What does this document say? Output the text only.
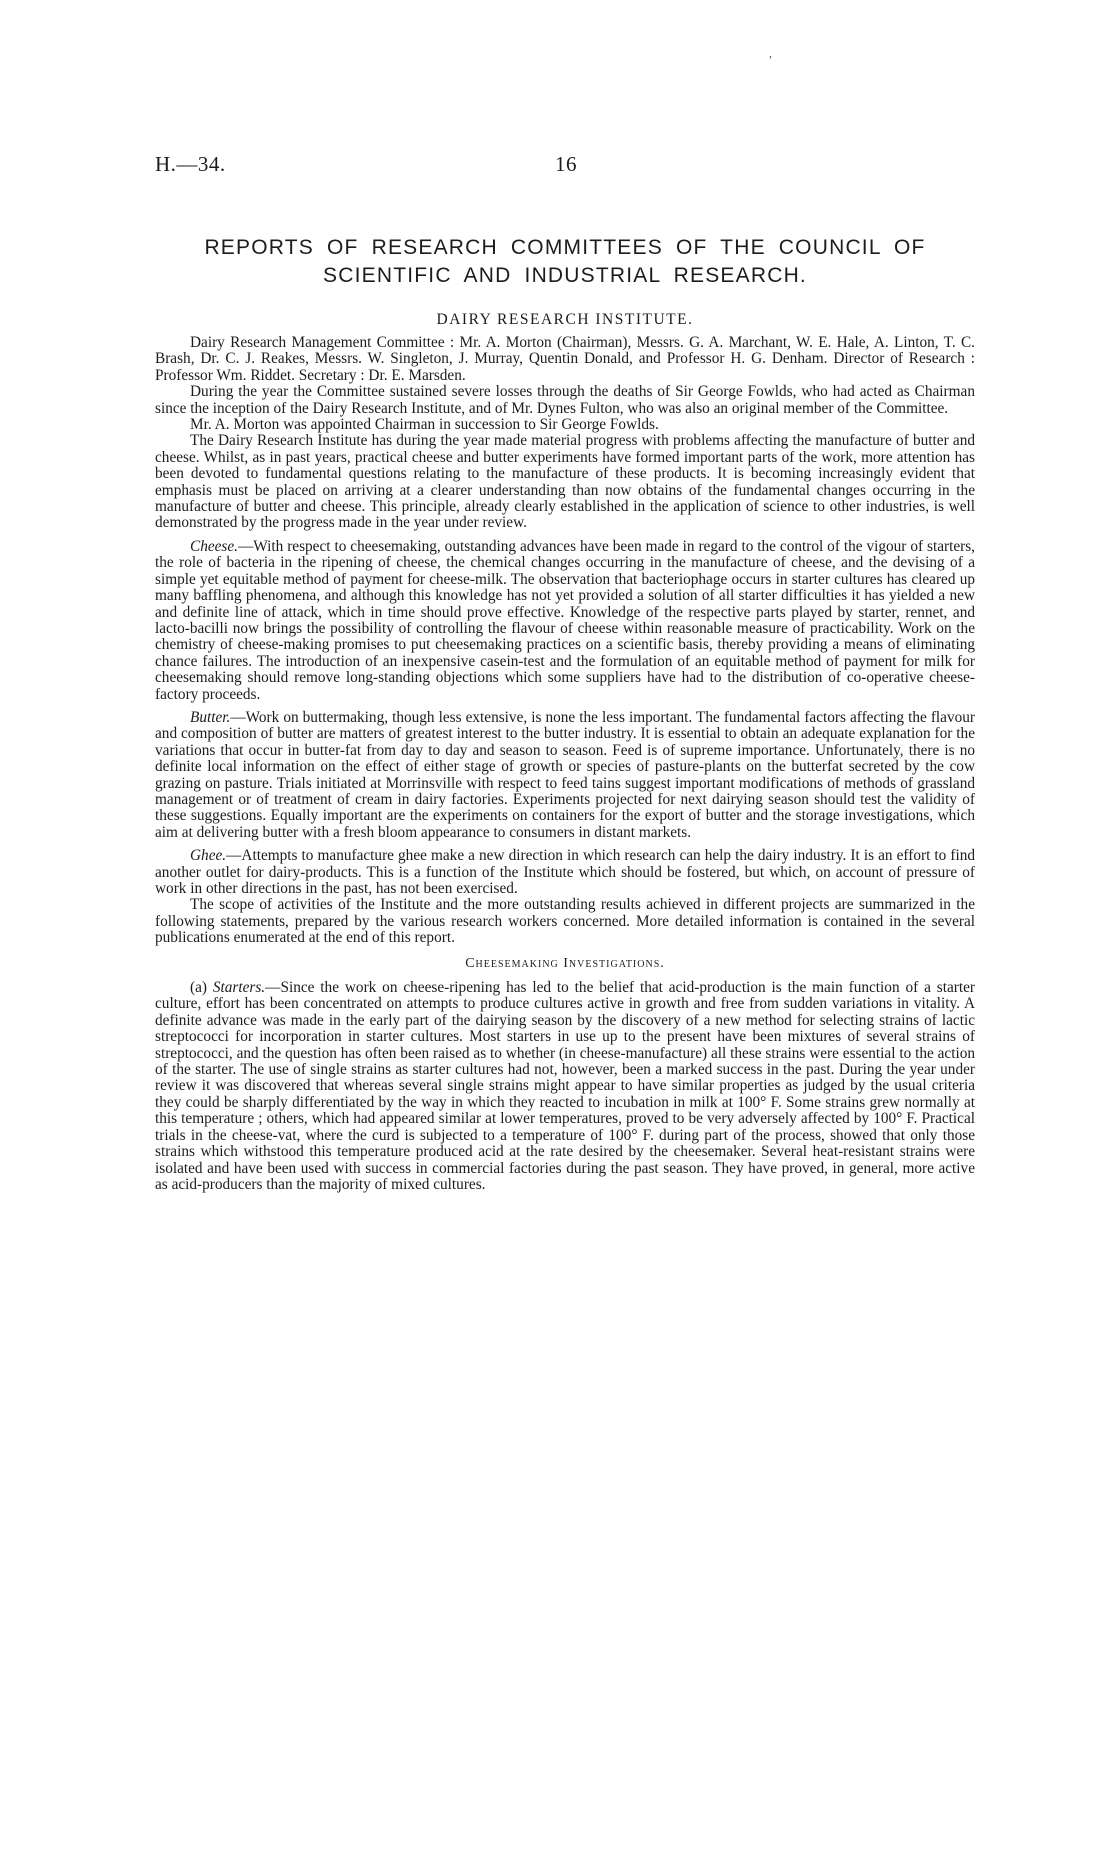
,
H.—34.	16
REPORTS OF RESEARCH COMMITTEES OF THE COUNCIL OF
SCIENTIFIC AND INDUSTRIAL RESEARCH.
DAIRY RESEARCH INSTITUTE.

Dairy Research Management Committee : Mr. A. Morton (Chairman), Messrs. G. A. Marchant, W. E. Hale, A. Linton, T. C. Brash, Dr. C. J. Reakes, Messrs. W. Singleton, J. Murray, Quentin Donald, and Professor H. G. Denham. Director of Research : Professor Wm. Riddet. Secretary : Dr. E. Marsden.

During the year the Committee sustained severe losses through the deaths of Sir George Fowlds, who had acted as Chairman since the inception of the Dairy Research Institute, and of Mr. Dynes Fulton, who was also an original member of the Committee.

Mr. A. Morton was appointed Chairman in succession to Sir George Fowlds.

The Dairy Research Institute has during the year made material progress with problems affecting the manufacture of butter and cheese. Whilst, as in past years, practical cheese and butter experiments have formed important parts of the work, more attention has been devoted to fundamental questions relating to the manufacture of these products. It is becoming increasingly evident that emphasis must be placed on arriving at a clearer understanding than now obtains of the fundamental changes occurring in the manufacture of butter and cheese. This principle, already clearly established in the application of science to other industries, is well demonstrated by the progress made in the year under review.

Cheese.—With respect to cheesemaking, outstanding advances have been made in regard to the control of the vigour of starters, the role of bacteria in the ripening of cheese, the chemical changes occurring in the manufacture of cheese, and the devising of a simple yet equitable method of payment for cheese-milk. The observation that bacteriophage occurs in starter cultures has cleared up many baffling phenomena, and although this knowledge has not yet provided a solution of all starter difficulties it has yielded a new and definite line of attack, which in time should prove effective. Knowledge of the respective parts played by starter, rennet, and lacto-bacilli now brings the possibility of controlling the flavour of cheese within reasonable measure of practicability. Work on the chemistry of cheese-making promises to put cheesemaking practices on a scientific basis, thereby providing a means of eliminating chance failures. The introduction of an inexpensive casein-test and the formulation of an equitable method of payment for milk for cheesemaking should remove long-standing objections which some suppliers have had to the distribution of co-operative cheese-factory proceeds.

Butter.—Work on buttermaking, though less extensive, is none the less important. The fundamental factors affecting the flavour and composition of butter are matters of greatest interest to the butter industry. It is essential to obtain an adequate explanation for the variations that occur in butter-fat from day to day and season to season. Feed is of supreme importance. Unfortunately, there is no definite local information on the effect of either stage of growth or species of pasture-plants on the butterfat secreted by the cow grazing on pasture. Trials initiated at Morrinsville with respect to feed tains suggest important modifications of methods of grassland management or of treatment of cream in dairy factories. Experiments projected for next dairying season should test the validity of these suggestions. Equally important are the experiments on containers for the export of butter and the storage investigations, which aim at delivering butter with a fresh bloom appearance to consumers in distant markets.

Ghee.—Attempts to manufacture ghee make a new direction in which research can help the dairy industry. It is an effort to find another outlet for dairy-products. This is a function of the Institute which should be fostered, but which, on account of pressure of work in other directions in the past, has not been exercised.

The scope of activities of the Institute and the more outstanding results achieved in different projects are summarized in the following statements, prepared by the various research workers concerned. More detailed information is contained in the several publications enumerated at the end of this report.

Cheesemaking Investigations.

(a) Starters.—Since the work on cheese-ripening has led to the belief that acid-production is the main function of a starter culture, effort has been concentrated on attempts to produce cultures active in growth and free from sudden variations in vitality. A definite advance was made in the early part of the dairying season by the discovery of a new method for selecting strains of lactic streptococci for incorporation in starter cultures. Most starters in use up to the present have been mixtures of several strains of streptococci, and the question has often been raised as to whether (in cheese-manufacture) all these strains were essential to the action of the starter. The use of single strains as starter cultures had not, however, been a marked success in the past. During the year under review it was discovered that whereas several single strains might appear to have similar properties as judged by the usual criteria they could be sharply differentiated by the way in which they reacted to incubation in milk at 100° F. Some strains grew normally at this temperature ; others, which had appeared similar at lower temperatures, proved to be very adversely affected by 100° F. Practical trials in the cheese-vat, where the curd is subjected to a temperature of 100° F. during part of the process, showed that only those strains which withstood this temperature produced acid at the rate desired by the cheesemaker. Several heat-resistant strains were isolated and have been used with success in commercial factories during the past season. They have proved, in general, more active as acid-producers than the majority of mixed cultures.
